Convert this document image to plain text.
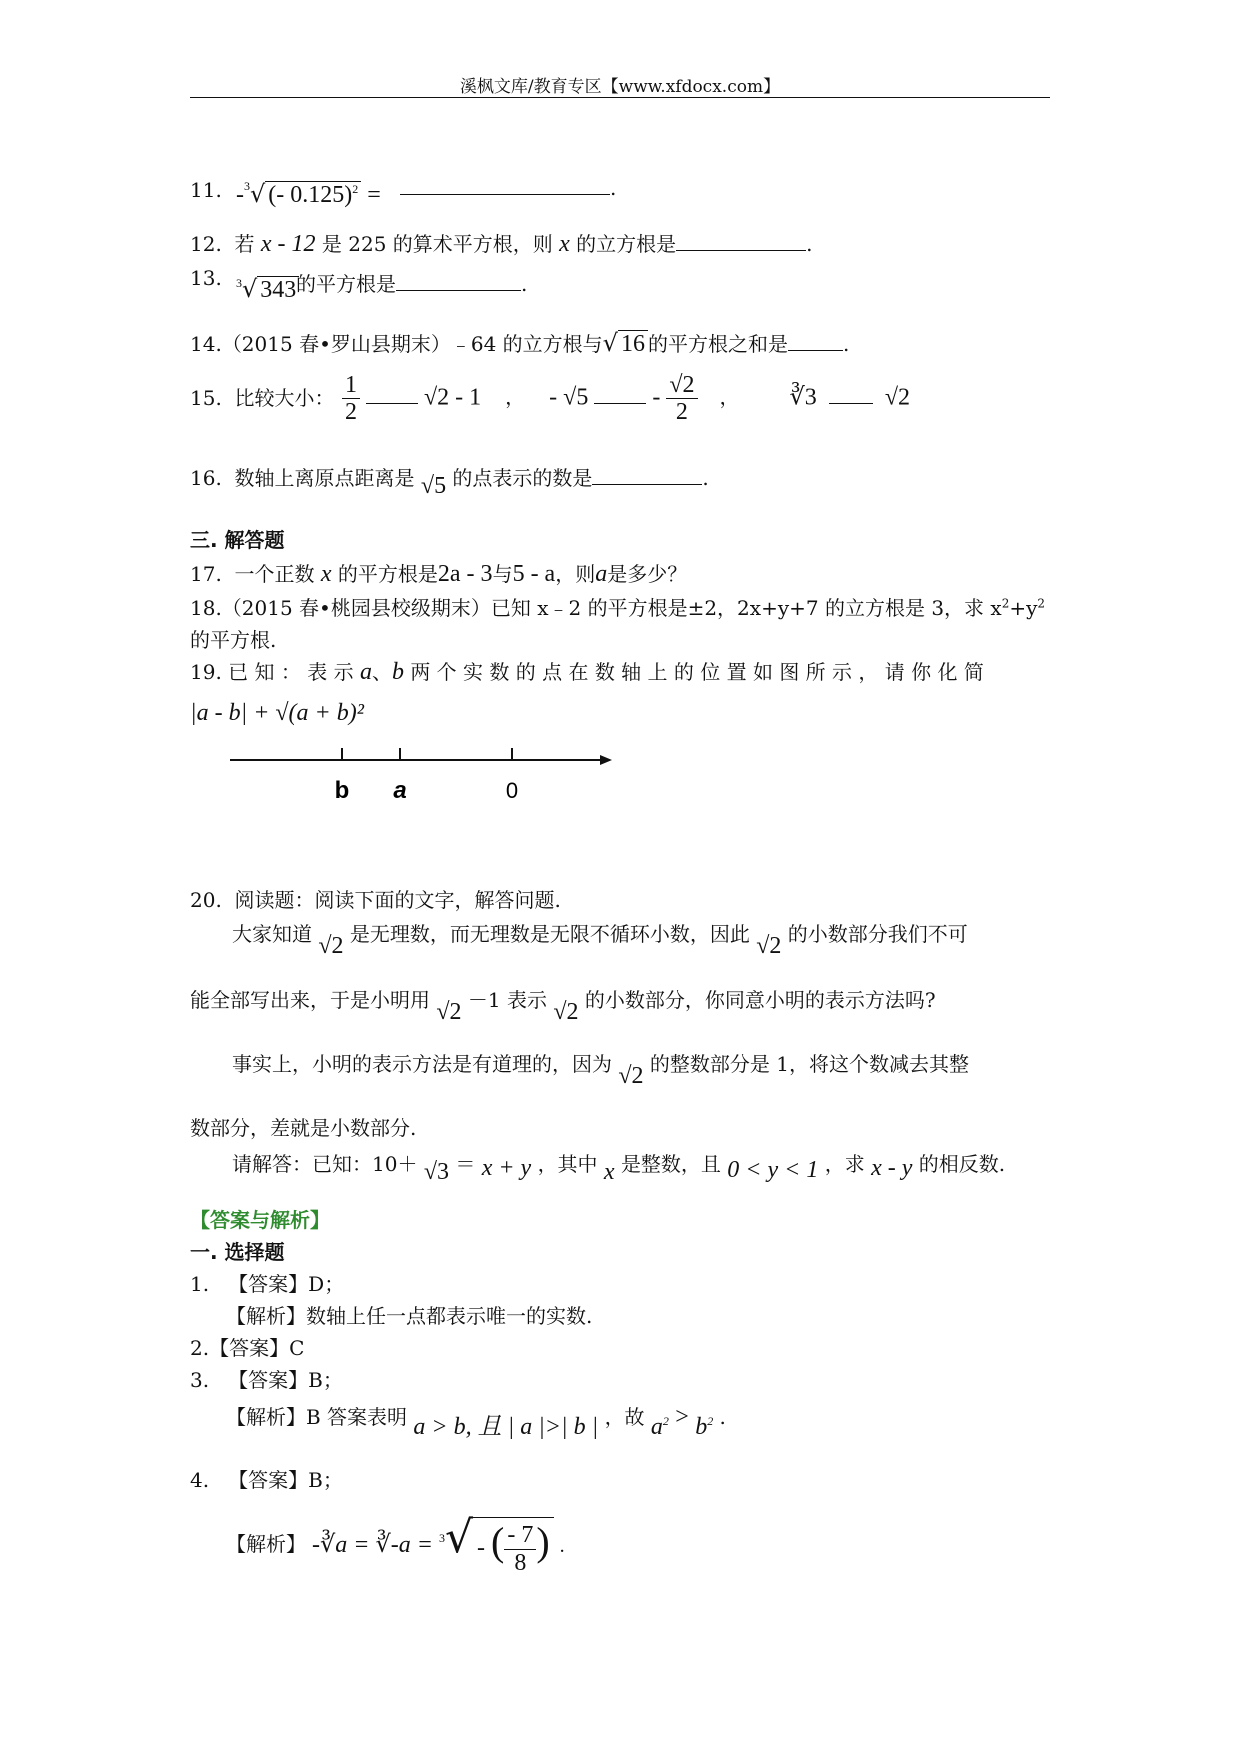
溪枫文库/教育专区【www.xfdocx.com】
11. -$^3$√ (- 0.125)$^2$ =	.
12. 若 x - 12 是 225 的算术平方根，则 x 的立方根是	.
13. $^3$√ 343 的平方根是	.
14.（2015 春•罗山县期末）﹣64 的立方根与√ 16 的平方根之和是	.
15. 比较大小： $\frac{1}{2}$	√2 - 1 ， - √5	- $\frac{√2}{2}$ ， ∛3	√2
16. 数轴上离原点距离是 √5 的点表示的数是	.
三. 解答题
17. 一个正数 x 的平方根是2a - 3与5 - a，则a是多少？
18.（2015 春•桃园县校级期末）已知 x﹣2 的平方根是±2，2x+y+7 的立方根是 3，求 $x^2+y^2$
的平方根.
19. 已 知 ： 表 示 a、b 两 个 实 数 的 点 在 数 轴 上 的 位 置 如 图 所 示 ， 请 你 化 简
|a - b| + √(a + b)²
b a	0
20. 阅读题：阅读下面的文字，解答问题.
大家知道 √2 是无理数，而无理数是无限不循环小数，因此 √2 的小数部分我们不可
能全部写出来，于是小明用 √2 －1 表示 √2 的小数部分，你同意小明的表示方法吗?
事实上，小明的表示方法是有道理的，因为 √2 的整数部分是 1，将这个数减去其整
数部分，差就是小数部分.
请解答：已知：10＋ √3 ＝ x + y ，其中 x 是整数，且 0 < y < 1 ，求 x - y 的相反数.
【答案与解析】
一. 选择题
1. 【答案】D；
【解析】数轴上任一点都表示唯一的实数.
2.【答案】C
3. 【答案】B；
【解析】B 答案表明 a > b, 且 | a |>| b | ，故 $a^2 > b^2$ .
4. 【答案】B；
【解析】 -∛a = ∛-a = $^3$√ - ( $\frac{- 7}{8}$ ) .
